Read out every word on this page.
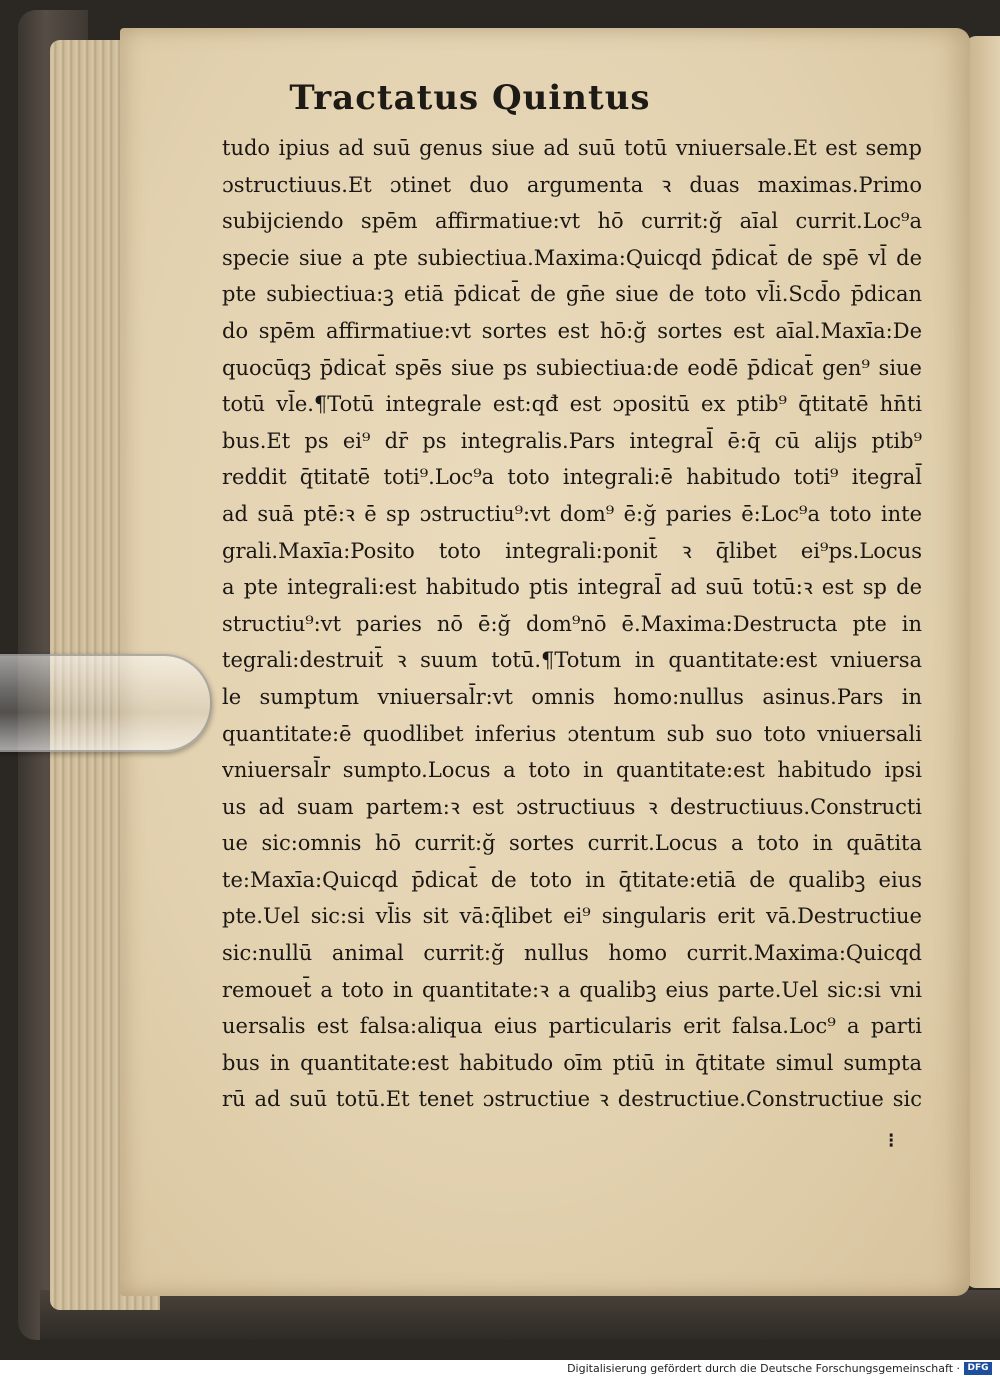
Tractatus Quintus
tudo ipius ad suū genus siue ad suū totū vniuersale.Et est semp
ɔstructiuus.Et ɔtinet duo argumenta ꝛ duas maximas.Primo
subijciendo spēm affirmatiue:vt hō currit:ğ aīal currit.Loc⁹a
specie siue a pte subiectiua.Maxima:Quicqd p̄dicat̄ de spē vl̄ de
pte subiectiua:ꝫ etiā p̄dicat̄ de gn̄e siue de toto vl̄i.Scd̄o p̄dican
do spēm affirmatiue:vt sortes est hō:ğ sortes est aīal.Maxīa:De
quocūqꝫ p̄dicat̄ spēs siue ps subiectiua:de eodē p̄dicat̄ gen⁹ siue
totū vl̄e.¶Totū integrale est:qđ est ɔpositū ex ptib⁹ q̄titatē hn̄ti
bus.Et ps ei⁹ dr̄ ps integralis.Pars integral̄ ē:q̄ cū alijs ptib⁹
reddit q̄titatē toti⁹.Loc⁹a toto integrali:ē habitudo toti⁹ itegral̄
ad suā ptē:ꝛ ē sp ɔstructiu⁹:vt dom⁹ ē:ğ paries ē:Loc⁹a toto inte
grali.Maxīa:Posito toto integrali:ponit̄ ꝛ q̄libet ei⁹ps.Locus
a pte integrali:est habitudo ptis integral̄ ad suū totū:ꝛ est sp de
structiu⁹:vt paries nō ē:ğ dom⁹nō ē.Maxima:Destructa pte in
tegrali:destruit̄ ꝛ suum totū.¶Totum in quantitate:est vniuersa
le sumptum vniuersal̄r:vt omnis homo:nullus asinus.Pars in
quantitate:ē quodlibet inferius ɔtentum sub suo toto vniuersali
vniuersal̄r sumpto.Locus a toto in quantitate:est habitudo ipsi
us ad suam partem:ꝛ est ɔstructiuus ꝛ destructiuus.Constructi
ue sic:omnis hō currit:ğ sortes currit.Locus a toto in quātita
te:Maxīa:Quicqd p̄dicat̄ de toto in q̄titate:etiā de qualibꝫ eius
pte.Uel sic:si vl̄is sit vā:q̄libet ei⁹ singularis erit vā.Destructiue
sic:nullū animal currit:ğ nullus homo currit.Maxima:Quicqd
remouet̄ a toto in quantitate:ꝛ a qualibꝫ eius parte.Uel sic:si vni
uersalis est falsa:aliqua eius particularis erit falsa.Loc⁹ a parti
bus in quantitate:est habitudo oīm ptiū in q̄titate simul sumpta
rū ad suū totū.Et tenet ɔstructiue ꝛ destructiue.Constructiue sic
⁝
Digitalisierung gefördert durch die Deutsche Forschungsgemeinschaft · DFG
